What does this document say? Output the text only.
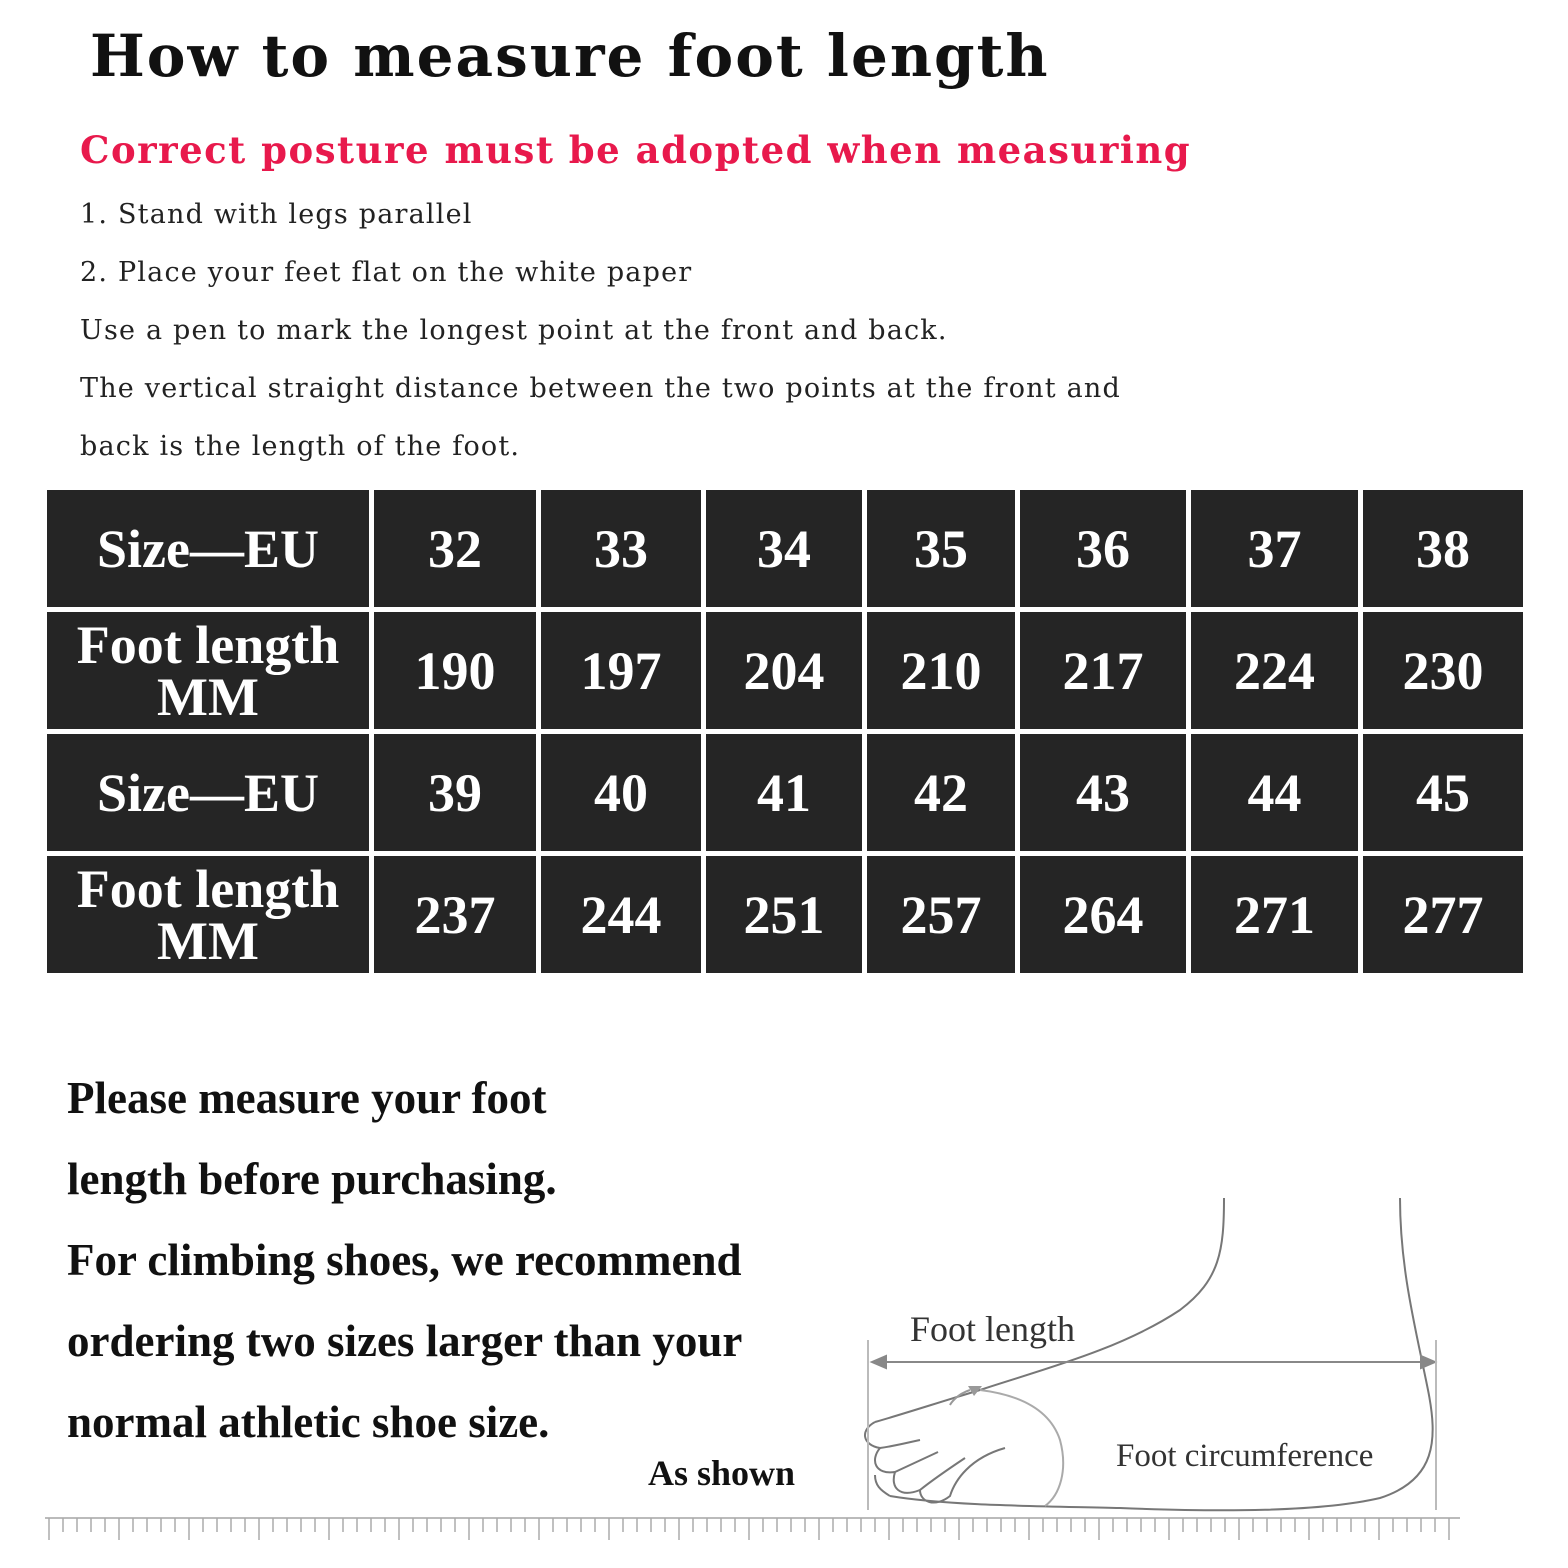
How to measure foot length
Correct posture must be adopted when measuring
1. Stand with legs parallel
2. Place your feet flat on the white paper
Use a pen to mark the longest point at the front and back.
The vertical straight distance between the two points at the front and
back is the length of the foot.
Size—EU	32	33	34	35	36	37	38

Foot length
MM	190	197	204	210	217	224	230
Size—EU	39	40	41	42	43	44	45

Foot length
MM	237	244	251	257	264	271	277
Please measure your foot
length before purchasing.
For climbing shoes, we recommend
ordering two sizes larger than your
normal athletic shoe size.
As shown
Foot length
Foot circumference
